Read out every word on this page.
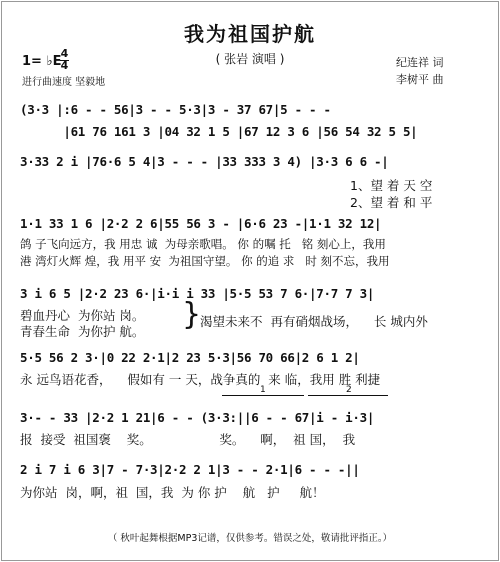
我为祖国护航
( 张岩 演唱 )
1= ♭E
4
4
进行曲速度 坚毅地
纪连祥 词
李树平 曲
(3·3 |:6 - - 56|3 - - 5·3|3 - 37 67|5 - - -
|61 76 161 3 |04 32 1 5 |67 12 3 6 |56 54 32 5 5|
3·33 2 i |76·6 5 4|3 - - - |33 333 3 4) |3·3 6 6 -|
1、望 着 天 空
2、望 着 和 平
1·1 33 1 6 |2·2 2 6|55 56 3 - |6·6 23 -|1·1 32 12|
鸽 子飞向远方，我 用忠 诚  为母亲歌唱。 你 的嘱 托   铭 刻心上，我用
港 湾灯火辉 煌，我 用平 安  为祖国守望。 你 的追 求   时 刻不忘，我用
3 i 6 5 |2·2 23 6·|i·i i 33 |5·5 53 7 6·|7·7 7 3|
碧血丹心  为你站 岗。
青春生命  为你护 航。
渴望未来不  再有硝烟战场，    长 城内外
}
5·5 56 2 3·|0 22 2·1|2 23 5·3|56 70 66|2 6 1 2|
永 远鸟语花香，    假如有 一 天，战争真的  来 临，我用 胜 利捷
1	2
3·- - 33 |2·2 1 21|6 - - (3·3:||6 - - 67|i - i·3|
报  接受  祖国褒    奖。                 奖。    啊，  祖 国，  我
2 i 7 i 6 3|7 - 7·3|2·2 2 1|3 - - 2·1|6 - - -||
为你站  岗，啊，祖  国，我  为 你 护    航   护     航！
（ 秋叶起舞根据MP3记谱，仅供参考。错误之处，敬请批评指正。）
